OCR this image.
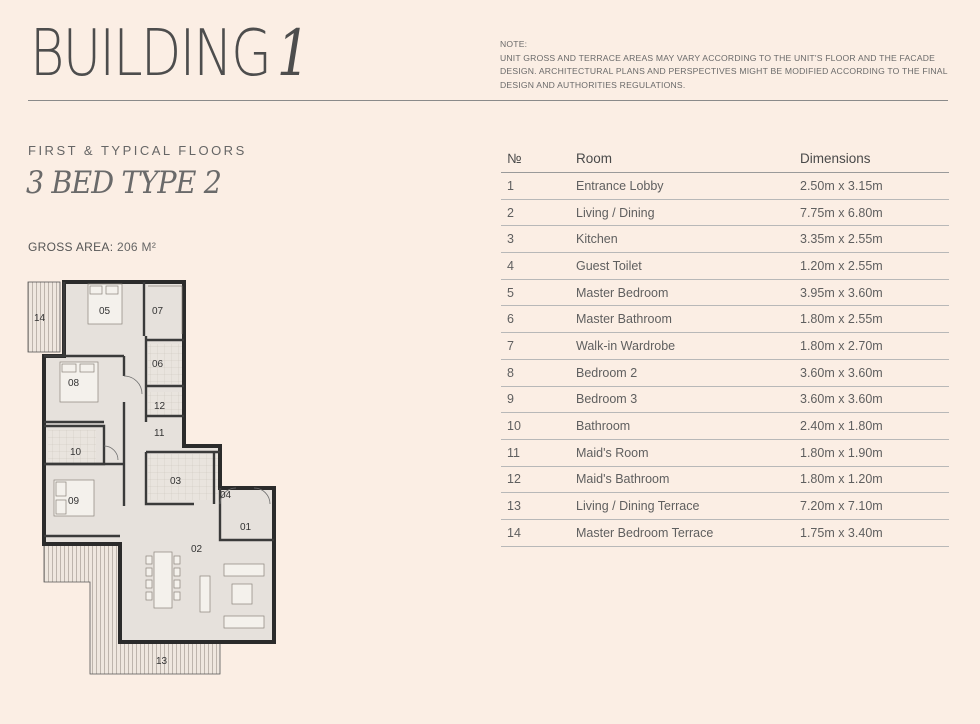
BUILDING 1	NOTE:
UNIT GROSS AND TERRACE AREAS MAY VARY ACCORDING TO THE UNIT'S FLOOR AND THE FACADE DESIGN. ARCHITECTURAL PLANS AND PERSPECTIVES MIGHT BE MODIFIED ACCORDING TO THE FINAL DESIGN AND AUTHORITIES REGULATIONS.
FIRST & TYPICAL FLOORS
3 BED TYPE 2
GROSS AREA: 206 M²
№	Room	Dimensions
1	Entrance Lobby	2.50m x 3.15m
2	Living / Dining	7.75m x 6.80m
3	Kitchen	3.35m x 2.55m
4	Guest Toilet	1.20m x 2.55m
5	Master Bedroom	3.95m x 3.60m
6	Master Bathroom	1.80m x 2.55m
7	Walk-in Wardrobe	1.80m x 2.70m
8	Bedroom 2	3.60m x 3.60m
9	Bedroom 3	3.60m x 3.60m
10	Bathroom	2.40m x 1.80m
11	Maid's Room	1.80m x 1.90m
12	Maid's Bathroom	1.80m x 1.20m
13	Living / Dining Terrace	7.20m x 7.10m
14	Master Bedroom Terrace	1.75m x 3.40m
14
05	07
06
08
12
11
10
03
04
09
01
02
13
